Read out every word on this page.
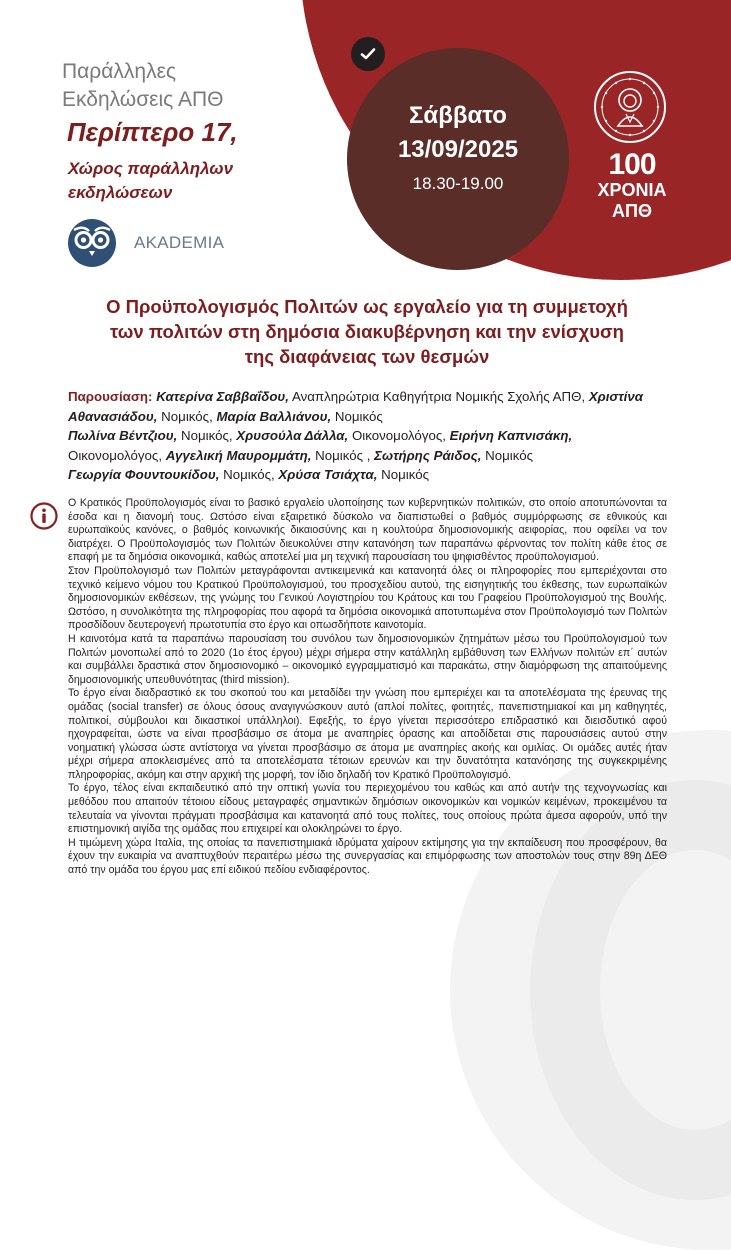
Σάββατο
13/09/2025
18.30-19.00
100
ΧΡΟΝΙΑ
ΑΠΘ
Παράλληλες
Εκδηλώσεις ΑΠΘ
Περίπτερο 17,
Χώρος παράλληλων
εκδηλώσεων
AKADEMIA
Ο Προϋπολογισμός Πολιτών ως εργαλείο για τη συμμετοχή
των πολιτών στη δημόσια διακυβέρνηση και την ενίσχυση
της διαφάνειας των θεσμών
Παρουσίαση: Κατερίνα Σαββαΐδου, Αναπληρώτρια Καθηγήτρια Νομικής Σχολής ΑΠΘ, Χριστίνα Αθανασιάδου, Νομικός, Μαρία Βαλλιάνου, Νομικός
Πωλίνα Βέντζιου, Νομικός, Χρυσούλα Δάλλα, Οικονομολόγος, Ειρήνη Καπνισάκη, Οικονομολόγος, Αγγελική Μαυρομμάτη, Νομικός , Σωτήρης Ράιδος, Νομικός
Γεωργία Φουντουκίδου, Νομικός, Χρύσα Τσιάχτα, Νομικός

Ο Κρατικός Προϋπολογισμός είναι το βασικό εργαλείο υλοποίησης των κυβερνητικών πολιτικών, στο οποίο αποτυπώνονται τα έσοδα και η διανομή τους. Ωστόσο είναι εξαιρετικό δύσκολο να διαπιστωθεί ο βαθμός συμμόρφωσης σε εθνικούς και ευρωπαϊκούς κανόνες, ο βαθμός κοινωνικής δικαιοσύνης και η κουλτούρα δημοσιονομικής αειφορίας, που οφείλει να τον διατρέχει. Ο Προϋπολογισμός των Πολιτών διευκολύνει στην κατανόηση των παραπάνω φέρνοντας τον πολίτη κάθε έτος σε επαφή με τα δημόσια οικονομικά, καθώς αποτελεί μια μη τεχνική παρουσίαση του ψηφισθέντος προϋπολογισμού.

Στον Προϋπολογισμό των Πολιτών μεταγράφονται αντικειμενικά και κατανοητά όλες οι πληροφορίες που εμπεριέχονται στο τεχνικό κείμενο νόμου του Κρατικού Προϋπολογισμού, του προσχεδίου αυτού, της εισηγητικής του έκθεσης, των ευρωπαϊκών δημοσιονομικών εκθέσεων, της γνώμης του Γενικού Λογιστηρίου του Κράτους και του Γραφείου Προϋπολογισμού της Βουλής. Ωστόσο, η συνολικότητα της πληροφορίας που αφορά τα δημόσια οικονομικά αποτυπωμένα στον Προϋπολογισμό των Πολιτών προσδίδουν δευτερογενή πρωτοτυπία στο έργο και οπωσδήποτε καινοτομία.

Η καινοτόμα κατά τα παραπάνω παρουσίαση του συνόλου των δημοσιονομικών ζητημάτων μέσω του Προϋπολογισμού των Πολιτών μονοπωλεί από το 2020 (1ο έτος έργου) μέχρι σήμερα στην κατάλληλη εμβάθυνση των Ελλήνων πολιτών επ΄ αυτών και συμβάλλει δραστικά στον δημοσιονομικό – οικονομικό εγγραμματισμό και παρακάτω, στην διαμόρφωση της απαιτούμενης δημοσιονομικής υπευθυνότητας (third mission).

Το έργο είναι διαδραστικό εκ του σκοπού του και μεταδίδει την γνώση που εμπεριέχει και τα αποτελέσματα της έρευνας της ομάδας (social transfer) σε όλους όσους αναγιγνώσκουν αυτό (απλοί πολίτες, φοιτητές, πανεπιστημιακοί και μη καθηγητές, πολιτικοί, σύμβουλοι και δικαστικοί υπάλληλοι). Εφεξής, το έργο γίνεται περισσότερο επιδραστικό και διεισδυτικό αφού ηχογραφείται, ώστε να είναι προσβάσιμο σε άτομα με αναπηρίες όρασης και αποδίδεται στις παρουσιάσεις αυτού στην νοηματική γλώσσα ώστε αντίστοιχα να γίνεται προσβάσιμο σε άτομα με αναπηρίες ακοής και ομιλίας. Οι ομάδες αυτές ήταν μέχρι σήμερα αποκλεισμένες από τα αποτελέσματα τέτοιων ερευνών και την δυνατότητα κατανόησης της συγκεκριμένης πληροφορίας, ακόμη και στην αρχική της μορφή, τον ίδιο δηλαδή τον Κρατικό Προϋπολογισμό.

Το έργο, τέλος είναι εκπαιδευτικό από την οπτική γωνία του περιεχομένου του καθώς και από αυτήν της τεχνογνωσίας και μεθόδου που απαιτούν τέτοιου είδους μεταγραφές σημαντικών δημόσιων οικονομικών και νομικών κειμένων, προκειμένου τα τελευταία να γίνονται πράγματι προσβάσιμα και κατανοητά από τους πολίτες, τους οποίους πρώτα άμεσα αφορούν, υπό την επιστημονική αιγίδα της ομάδας που επιχειρεί και ολοκληρώνει το έργο.

Η τιμώμενη χώρα Ιταλία, της οποίας τα πανεπιστημιακά ιδρύματα χαίρουν εκτίμησης για την εκπαίδευση που προσφέρουν, θα έχουν την ευκαιρία να αναπτυχθούν περαιτέρω μέσω της συνεργασίας και επιμόρφωσης των αποστολών τους στην 89η ΔΕΘ από την ομάδα του έργου μας επί ειδικού πεδίου ενδιαφέροντος.
